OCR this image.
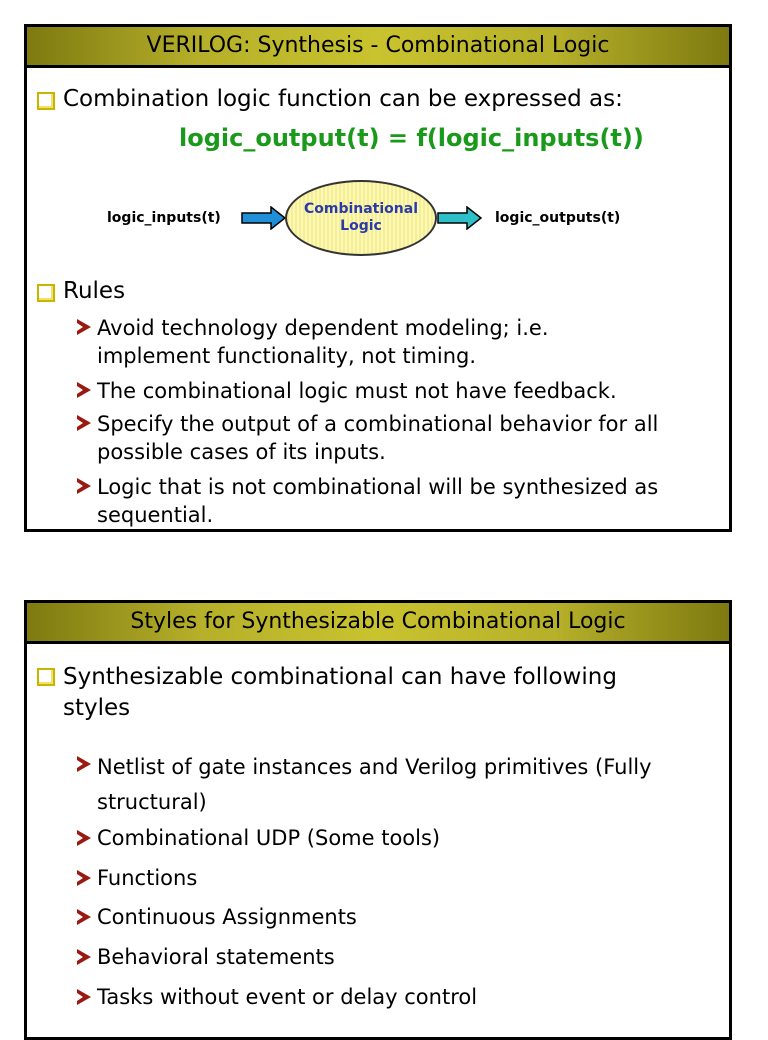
VERILOG: Synthesis - Combinational Logic
Combination logic function can be expressed as:
logic_output(t) = f(logic_inputs(t))
logic_inputs(t)
Combinational
Logic	logic_outputs(t)
Rules
Avoid technology dependent modeling; i.e.
implement functionality, not timing.
The combinational logic must not have feedback.
Specify the output of a combinational behavior for all
possible cases of its inputs.
Logic that is not combinational will be synthesized as
sequential.
Styles for Synthesizable Combinational Logic
Synthesizable combinational can have following
styles
Netlist of gate instances and Verilog primitives (Fully
structural)
Combinational UDP (Some tools)
Functions
Continuous Assignments
Behavioral statements
Tasks without event or delay control
